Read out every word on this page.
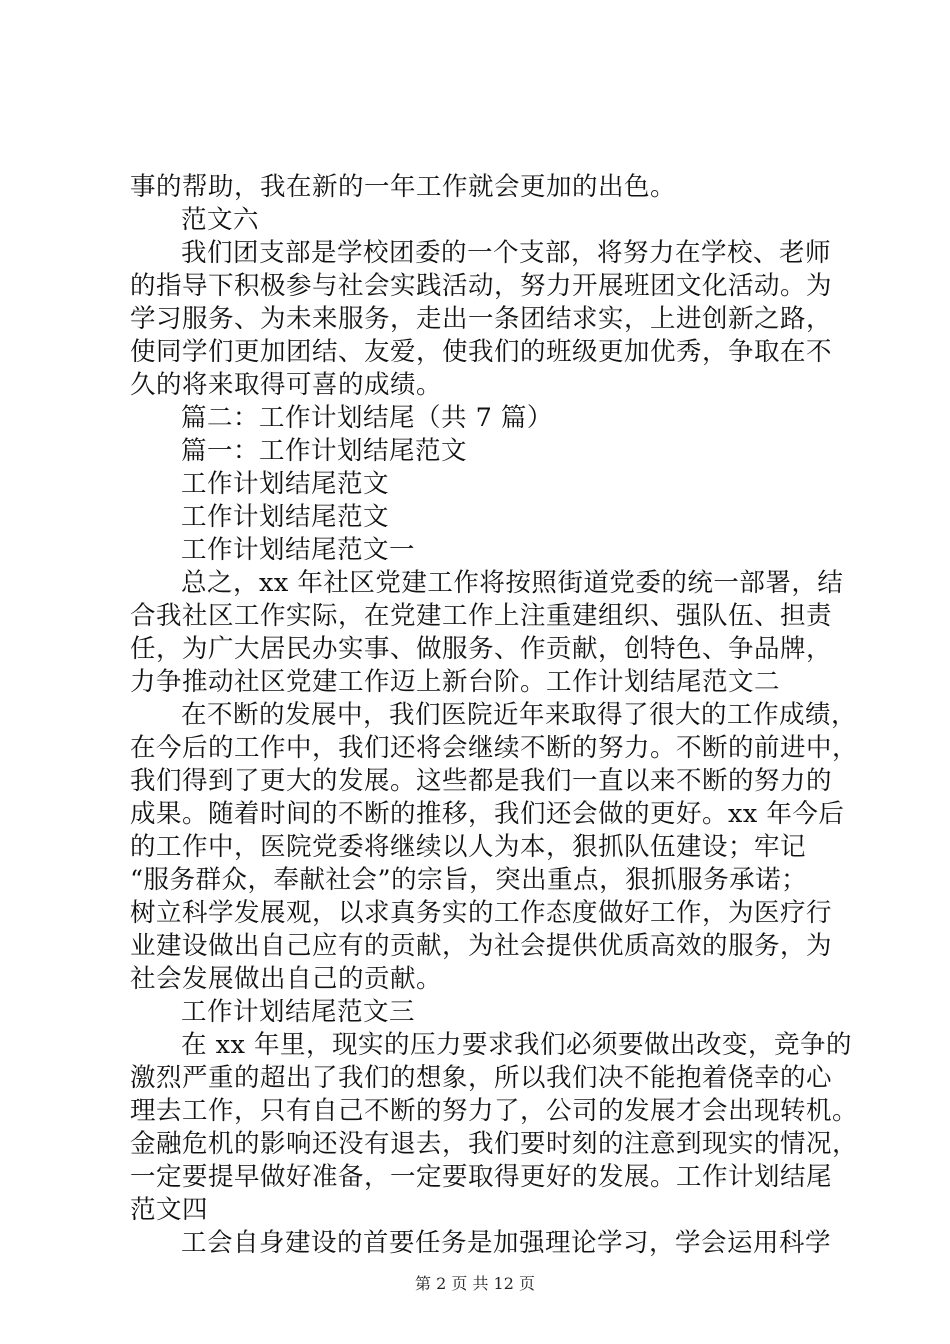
事的帮助，我在新的一年工作就会更加的出色。
范文六
我们团支部是学校团委的一个支部，将努力在学校、老师
的指导下积极参与社会实践活动，努力开展班团文化活动。为
学习服务、为未来服务，走出一条团结求实，上进创新之路，
使同学们更加团结、友爱，使我们的班级更加优秀，争取在不
久的将来取得可喜的成绩。
篇二：工作计划结尾（共 7 篇）
篇一：工作计划结尾范文
工作计划结尾范文
工作计划结尾范文
工作计划结尾范文一
总之，xx 年社区党建工作将按照街道党委的统一部署，结
合我社区工作实际，在党建工作上注重建组织、强队伍、担责
任，为广大居民办实事、做服务、作贡献，创特色、争品牌，
力争推动社区党建工作迈上新台阶。工作计划结尾范文二
在不断的发展中，我们医院近年来取得了很大的工作成绩，
在今后的工作中，我们还将会继续不断的努力。不断的前进中，
我们得到了更大的发展。这些都是我们一直以来不断的努力的
成果。随着时间的不断的推移，我们还会做的更好。xx 年今后
的工作中，医院党委将继续以人为本，狠抓队伍建设；牢记
“服务群众，奉献社会”的宗旨，突出重点，狠抓服务承诺；
树立科学发展观，以求真务实的工作态度做好工作，为医疗行
业建设做出自己应有的贡献，为社会提供优质高效的服务，为
社会发展做出自己的贡献。
工作计划结尾范文三
在 xx 年里，现实的压力要求我们必须要做出改变，竞争的
激烈严重的超出了我们的想象，所以我们决不能抱着侥幸的心
理去工作，只有自己不断的努力了，公司的发展才会出现转机。
金融危机的影响还没有退去，我们要时刻的注意到现实的情况，
一定要提早做好准备，一定要取得更好的发展。工作计划结尾
范文四
工会自身建设的首要任务是加强理论学习，学会运用科学
第 2 页 共 12 页
